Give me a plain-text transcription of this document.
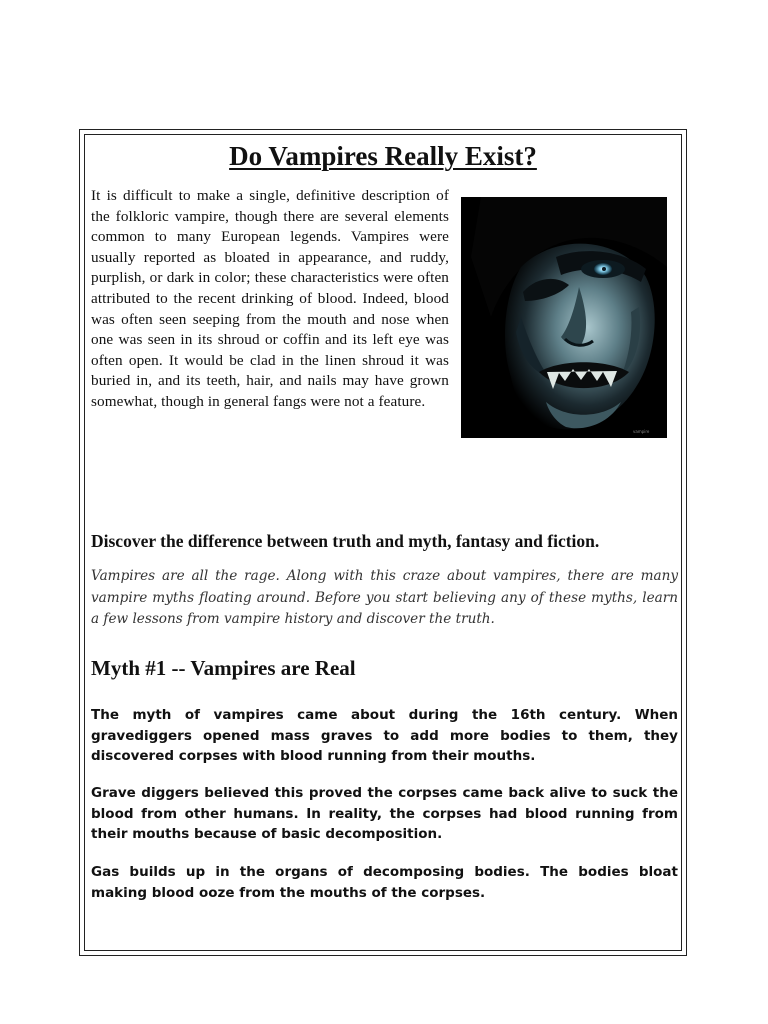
Do Vampires Really Exist?

It is difficult to make a single, definitive description of the folkloric vampire, though there are several elements common to many European legends. Vampires were usually reported as bloated in appearance, and ruddy, purplish, or dark in color; these characteristics were often attributed to the recent drinking of blood. Indeed, blood was often seen seeping from the mouth and nose when one was seen in its shroud or coffin and its left eye was often open. It would be clad in the linen shroud it was buried in, and its teeth, hair, and nails may have grown somewhat, though in general fangs were not a feature.

vampire
Discover the difference between truth and myth, fantasy and fiction.

Vampires are all the rage. Along with this craze about vampires, there are many vampire myths floating around. Before you start believing any of these myths, learn a few lessons from vampire history and discover the truth.

Myth #1 -- Vampires are Real

The myth of vampires came about during the 16th century. When gravediggers opened mass graves to add more bodies to them, they discovered corpses with blood running from their mouths.

Grave diggers believed this proved the corpses came back alive to suck the blood from other humans. In reality, the corpses had blood running from their mouths because of basic decomposition.

Gas builds up in the organs of decomposing bodies. The bodies bloat making blood ooze from the mouths of the corpses.
